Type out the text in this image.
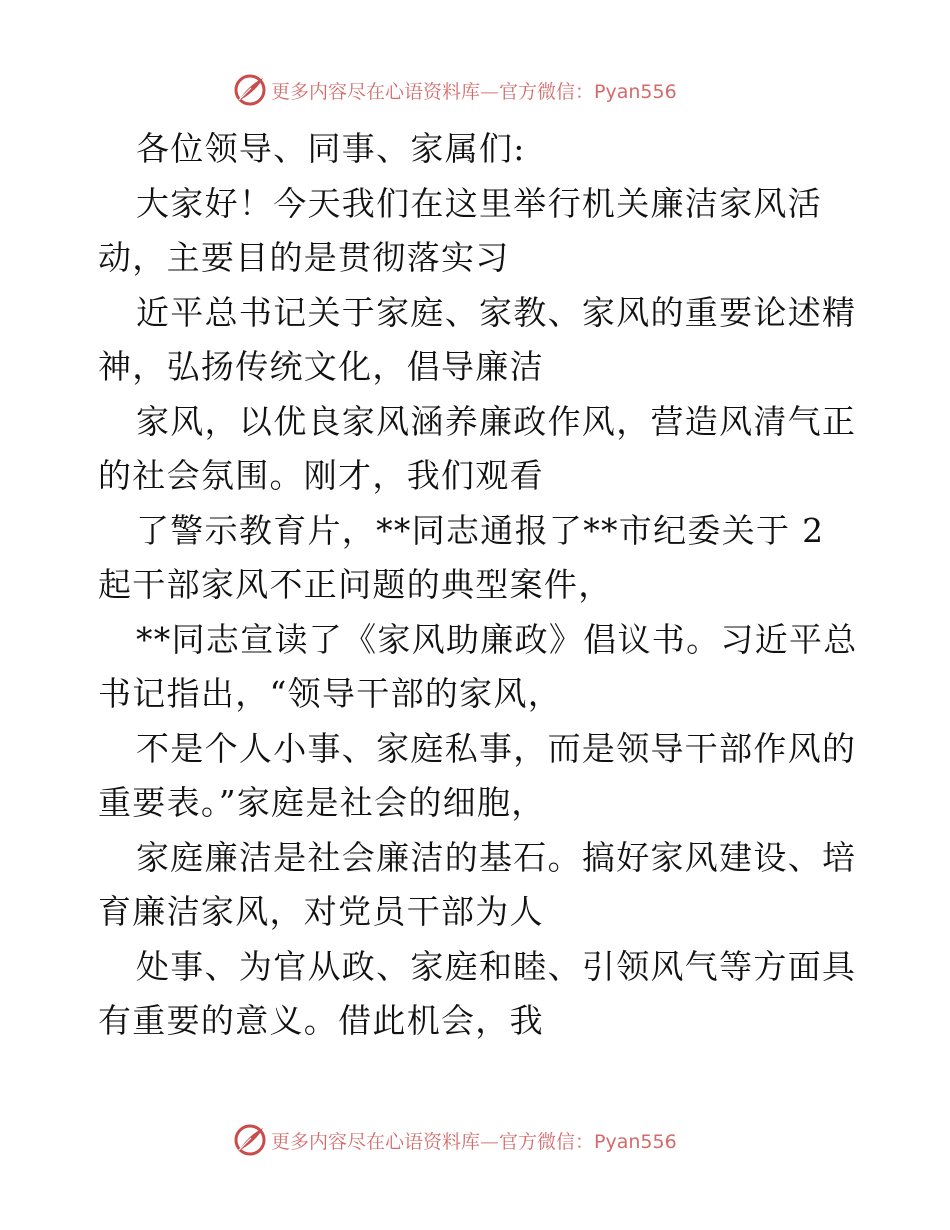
更多内容尽在心语资料库—官方微信：Pyan556
各位领导、同事、家属们:
大家好！今天我们在这里举行机关廉洁家风活
动，主要目的是贯彻落实习
近平总书记关于家庭、家教、家风的重要论述精
神，弘扬传统文化，倡导廉洁
家风，以优良家风涵养廉政作风，营造风清气正
的社会氛围。刚才，我们观看
了警示教育片，**同志通报了**市纪委关于 2
起干部家风不正问题的典型案件，
**同志宣读了《家风助廉政》倡议书。习近平总
书记指出，“领导干部的家风，
不是个人小事、家庭私事，而是领导干部作风的
重要表。”家庭是社会的细胞，
家庭廉洁是社会廉洁的基石。搞好家风建设、培
育廉洁家风，对党员干部为人
处事、为官从政、家庭和睦、引领风气等方面具
有重要的意义。借此机会，我
更多内容尽在心语资料库—官方微信：Pyan556
